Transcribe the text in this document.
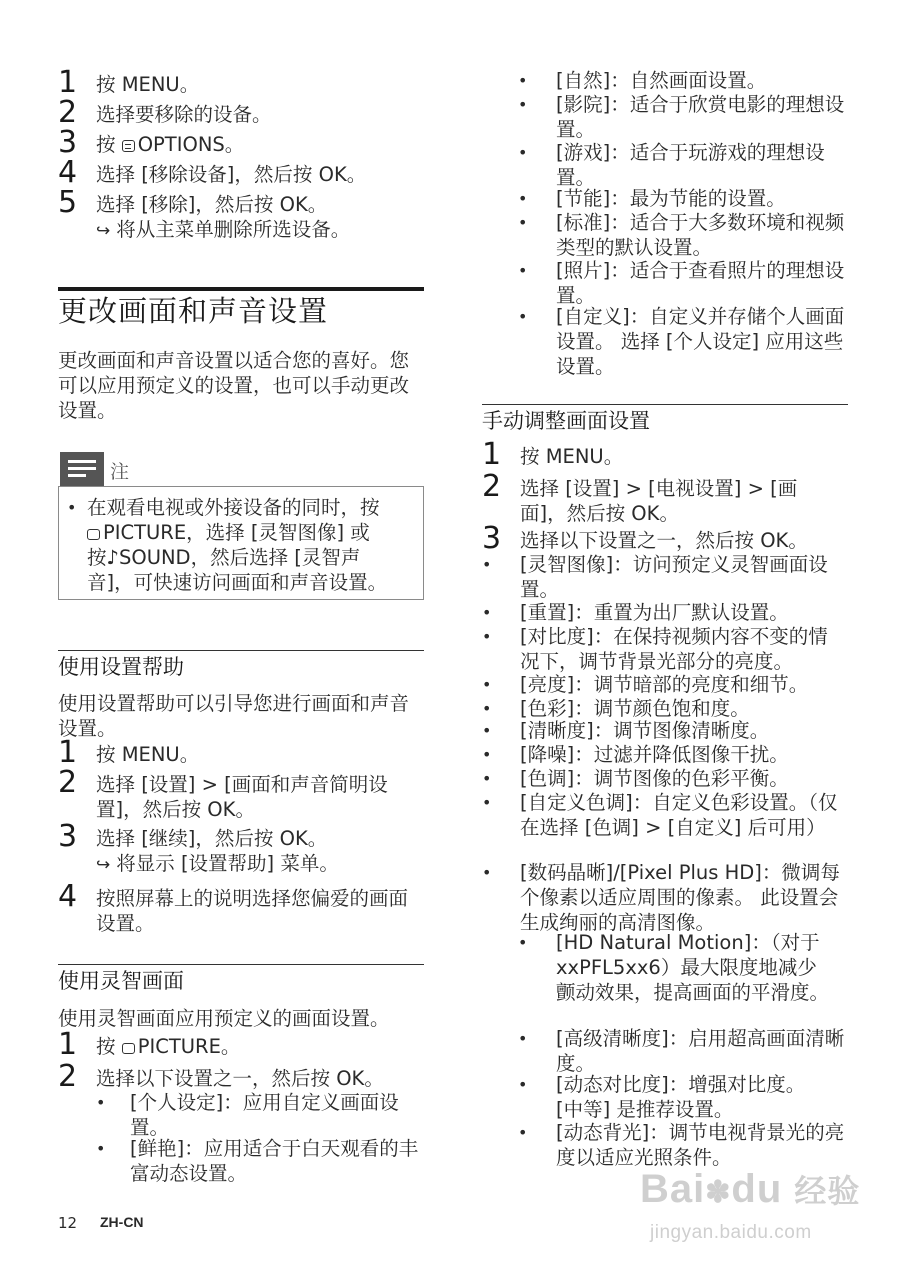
1 按 MENU。
2 选择要移除的设备。
3 按 OPTIONS。
4 选择 [移除设备]，然后按 OK。
5 选择 [移除]，然后按 OK。
↪ 将从主菜单删除所选设备。
更改画面和声音设置
更改画面和声音设置以适合您的喜好。您可以应用预定义的设置，也可以手动更改设置。
注
• 在观看电视或外接设备的同时，按
PICTURE，选择 [灵智图像] 或
按♪SOUND，然后选择 [灵智声
音]，可快速访问画面和声音设置。
使用设置帮助
使用设置帮助可以引导您进行画面和声音设置。
1 按 MENU。
2 选择 [设置] > [画面和声音简明设置]，然后按 OK。
3 选择 [继续]，然后按 OK。
↪ 将显示 [设置帮助] 菜单。
4 按照屏幕上的说明选择您偏爱的画面设置。
使用灵智画面
使用灵智画面应用预定义的画面设置。
1 按 PICTURE。
2 选择以下设置之一，然后按 OK。
• [个人设定]：应用自定义画面设置。
• [鲜艳]：应用适合于白天观看的丰富动态设置。
12 ZH-CN
• [自然]：自然画面设置。
• [影院]：适合于欣赏电影的理想设置。
• [游戏]：适合于玩游戏的理想设置。
• [节能]：最为节能的设置。
• [标准]：适合于大多数环境和视频类型的默认设置。
• [照片]：适合于查看照片的理想设置。
• [自定义]：自定义并存储个人画面设置。 选择 [个人设定] 应用这些设置。
手动调整画面设置
1 按 MENU。
2 选择 [设置] > [电视设置] > [画面]，然后按 OK。
3 选择以下设置之一，然后按 OK。
• [灵智图像]：访问预定义灵智画面设置。
• [重置]：重置为出厂默认设置。
• [对比度]：在保持视频内容不变的情况下，调节背景光部分的亮度。
• [亮度]：调节暗部的亮度和细节。
• [色彩]：调节颜色饱和度。
• [清晰度]：调节图像清晰度。
• [降噪]：过滤并降低图像干扰。
• [色调]：调节图像的色彩平衡。
• [自定义色调]：自定义色彩设置。（仅在选择 [色调] > [自定义] 后可用）
• [数码晶晰]/[Pixel Plus HD]：微调每个像素以适应周围的像素。 此设置会生成绚丽的高清图像。
• [HD Natural Motion]：（对于 xxPFL5xx6）最大限度地减少颤动效果，提高画面的平滑度。
• [高级清晰度]：启用超高画面清晰度。
• [动态对比度]：增强对比度。 [中等] 是推荐设置。
• [动态背光]：调节电视背景光的亮度以适应光照条件。
Bai✽du 经验
jingyan.baidu.com
